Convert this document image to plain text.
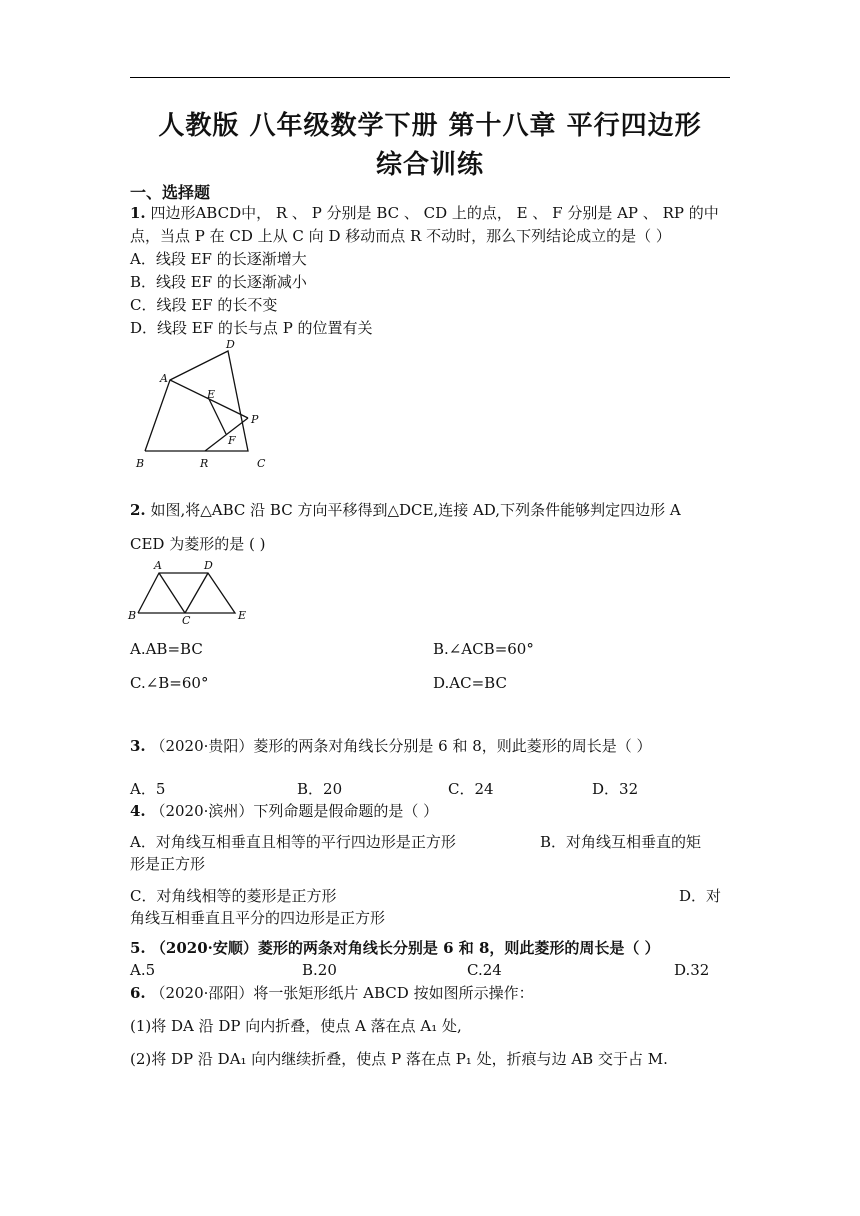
人教版 八年级数学下册 第十八章 平行四边形
综合训练
一、选择题
1. 四边形ABCD中， R 、 P 分别是 BC 、 CD 上的点， E 、 F 分别是 AP 、 RP 的中
点，当点 P 在 CD 上从 C 向 D 移动而点 R 不动时，那么下列结论成立的是（ ）
A．线段 EF 的长逐渐增大
B．线段 EF 的长逐渐减小
C．线段 EF 的长不变
D．线段 EF 的长与点 P 的位置有关
D
A
E
P
F
B	R	C
2. 如图,将△ABC 沿 BC 方向平移得到△DCE,连接 AD,下列条件能够判定四边形 A
CED 为菱形的是 ( )
A	D
B	C	E
A.AB=BC	B.∠ACB=60°
C.∠B=60°	D.AC=BC
3. （2020·贵阳）菱形的两条对角线长分别是 6 和 8，则此菱形的周长是（ ）
A．5	B．20	C．24	D．32
4. （2020·滨州）下列命题是假命题的是（ ）
A．对角线互相垂直且相等的平行四边形是正方形	B．对角线互相垂直的矩
形是正方形
C．对角线相等的菱形是正方形	D．对
角线互相垂直且平分的四边形是正方形
5. （2020·安顺）菱形的两条对角线长分别是 6 和 8，则此菱形的周长是（ ）
A.5	B.20	C.24	D.32
6. （2020·邵阳）将一张矩形纸片 ABCD 按如图所示操作：
(1)将 DA 沿 DP 向内折叠，使点 A 落在点 A₁ 处,
(2)将 DP 沿 DA₁ 向内继续折叠，使点 P 落在点 P₁ 处，折痕与边 AB 交于占 M.
